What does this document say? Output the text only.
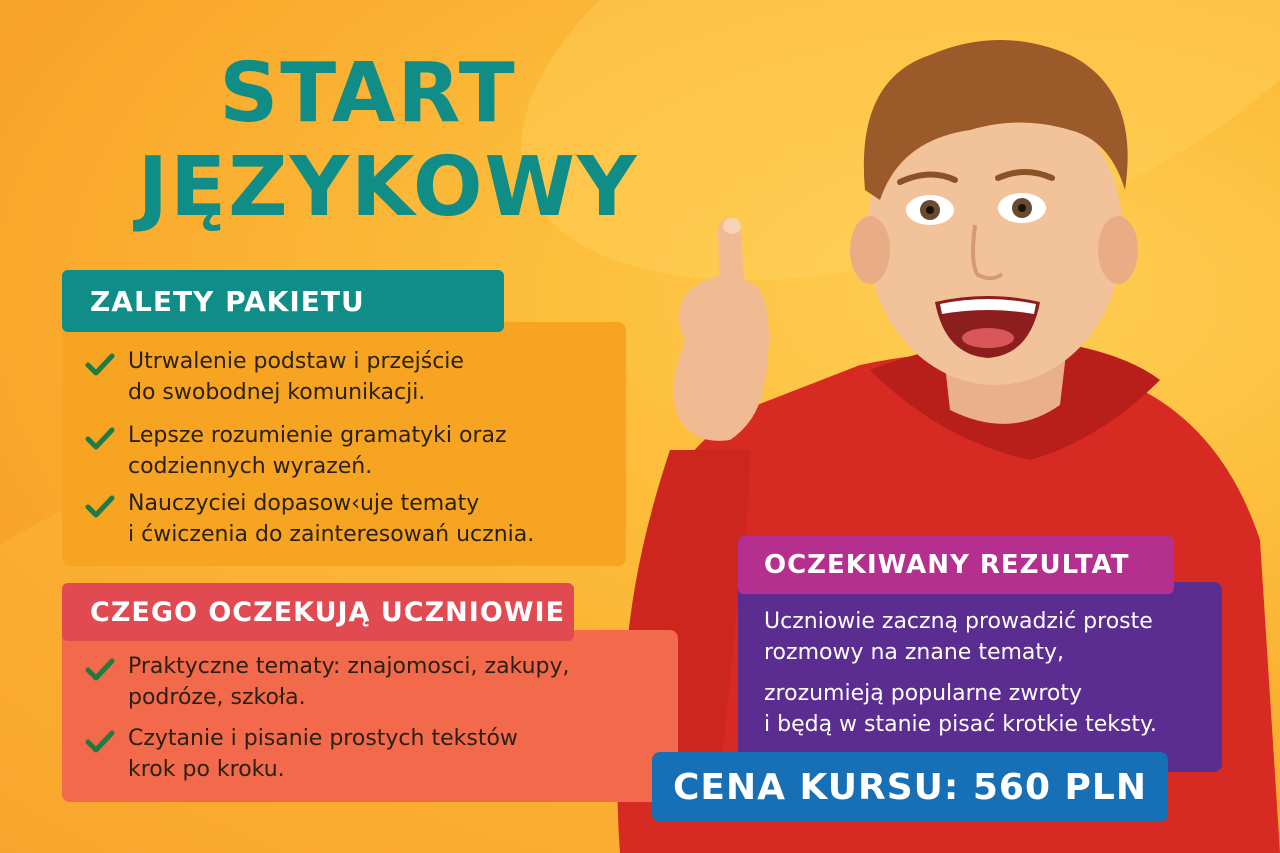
START
JĘZYKOWY
ZALETY PAKIETU
Utrwalenie podstaw i przejście
do swobodnej komunikacji.
Lepsze rozumienie gramatyki oraz
codziennych wyrazeń.
Nauczyciei dopasow‹uje tematy
i ćwiczenia do zainteresowań ucznia.
CZEGO OCZEKUJĄ UCZNIOWIE
Praktyczne tematy: znajomosci, zakupy,
podróze, szkoła.
Czytanie i pisanie prostych tekstów
krok po kroku.
OCZEKIWANY REZULTAT
Uczniowie zaczną prowadzić proste
rozmowy na znane tematy,
zrozumieją popularne zwroty
i będą w stanie pisać krotkie teksty.
CENA KURSU: 560 PLN
